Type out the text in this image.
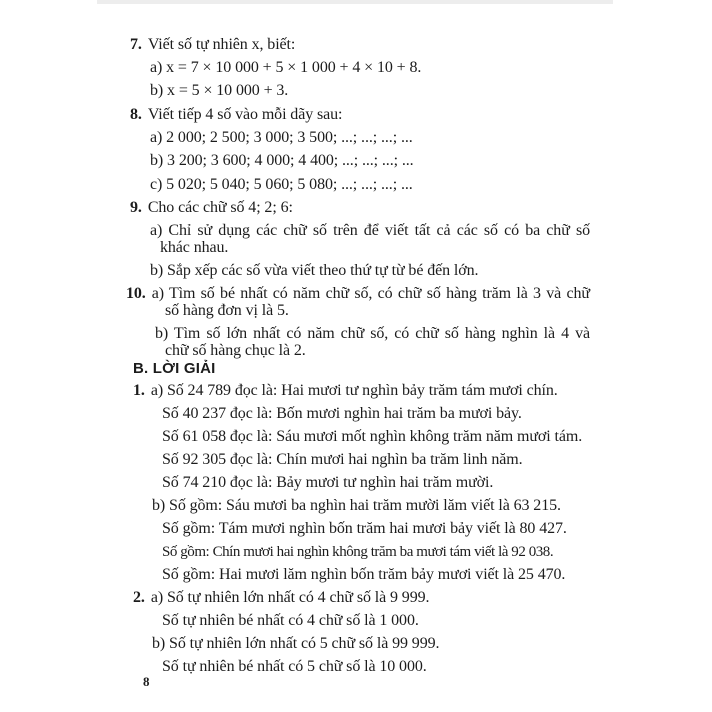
7. Viết số tự nhiên x, biết:
a) x = 7 × 10 000 + 5 × 1 000 + 4 × 10 + 8.
b) x = 5 × 10 000 + 3.
8. Viết tiếp 4 số vào mỗi dãy sau:
a) 2 000; 2 500; 3 000; 3 500; ...; ...; ...; ...
b) 3 200; 3 600; 4 000; 4 400; ...; ...; ...; ...
c) 5 020; 5 040; 5 060; 5 080; ...; ...; ...; ...
9. Cho các chữ số 4; 2; 6:
a) Chỉ sử dụng các chữ số trên để viết tất cả các số có ba chữ số
khác nhau.
b) Sắp xếp các số vừa viết theo thứ tự từ bé đến lớn.
10. a) Tìm số bé nhất có năm chữ số, có chữ số hàng trăm là 3 và chữ
số hàng đơn vị là 5.
b) Tìm số lớn nhất có năm chữ số, có chữ số hàng nghìn là 4 và
chữ số hàng chục là 2.
B. LỜI GIẢI
1. a) Số 24 789 đọc là: Hai mươi tư nghìn bảy trăm tám mươi chín.
Số 40 237 đọc là: Bốn mươi nghìn hai trăm ba mươi bảy.
Số 61 058 đọc là: Sáu mươi mốt nghìn không trăm năm mươi tám.
Số 92 305 đọc là: Chín mươi hai nghìn ba trăm linh năm.
Số 74 210 đọc là: Bảy mươi tư nghìn hai trăm mười.
b) Số gồm: Sáu mươi ba nghìn hai trăm mười lăm viết là 63 215.
Số gồm: Tám mươi nghìn bốn trăm hai mươi bảy viết là 80 427.
Số gồm: Chín mươi hai nghìn không trăm ba mươi tám viết là 92 038.
Số gồm: Hai mươi lăm nghìn bốn trăm bảy mươi viết là 25 470.
2. a) Số tự nhiên lớn nhất có 4 chữ số là 9 999.
Số tự nhiên bé nhất có 4 chữ số là 1 000.
b) Số tự nhiên lớn nhất có 5 chữ số là 99 999.
Số tự nhiên bé nhất có 5 chữ số là 10 000.
8
